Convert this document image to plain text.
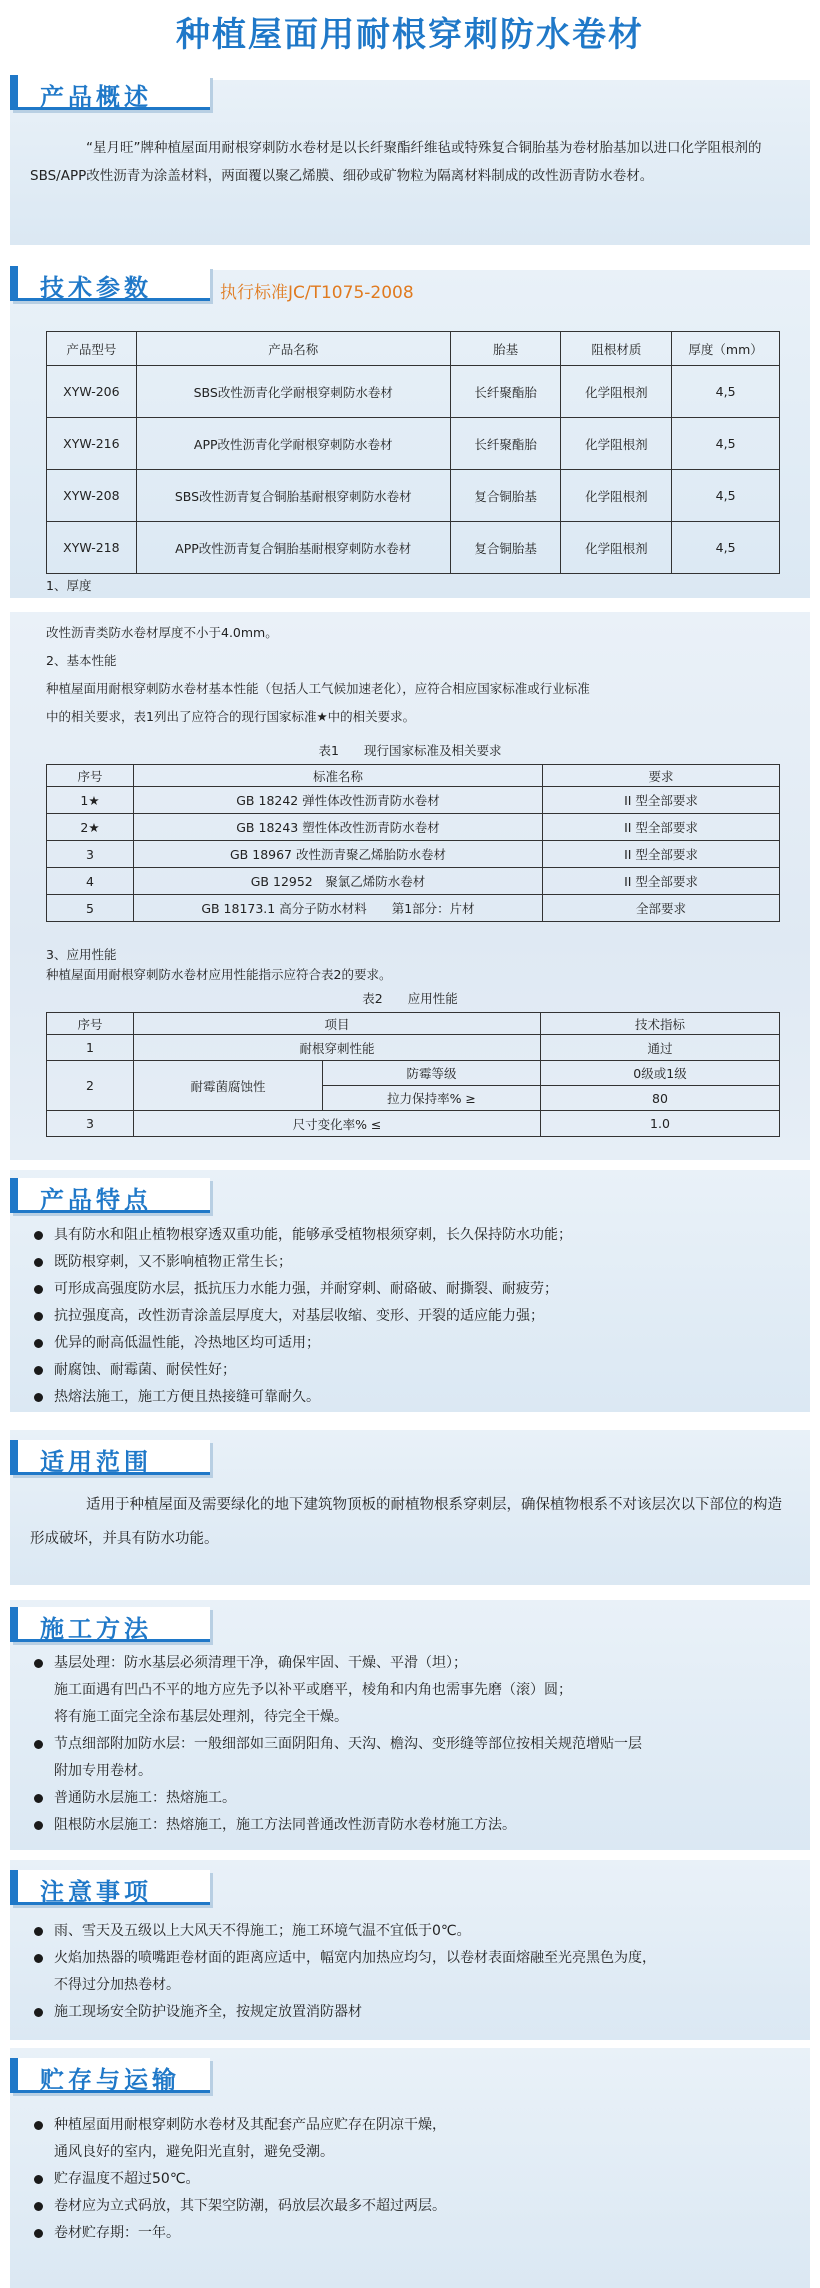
种植屋面用耐根穿刺防水卷材
产品概述
“星月旺”牌种植屋面用耐根穿刺防水卷材是以长纤聚酯纤维毡或特殊复合铜胎基为卷材胎基加以进口化学阻根剂的SBS/APP改性沥青为涂盖材料，两面覆以聚乙烯膜、细砂或矿物粒为隔离材料制成的改性沥青防水卷材。
技术参数	执行标准JC/T1075-2008
产品型号	产品名称	胎基	阻根材质	厚度（mm）
XYW-206	SBS改性沥青化学耐根穿刺防水卷材	长纤聚酯胎	化学阻根剂	4,5
XYW-216	APP改性沥青化学耐根穿刺防水卷材	长纤聚酯胎	化学阻根剂	4,5
XYW-208	SBS改性沥青复合铜胎基耐根穿刺防水卷材	复合铜胎基	化学阻根剂	4,5
XYW-218	APP改性沥青复合铜胎基耐根穿刺防水卷材	复合铜胎基	化学阻根剂	4,5
1、厚度
改性沥青类防水卷材厚度不小于4.0mm。
2、基本性能
种植屋面用耐根穿刺防水卷材基本性能（包括人工气候加速老化），应符合相应国家标准或行业标准
中的相关要求，表1列出了应符合的现行国家标准★中的相关要求。
表1　　现行国家标准及相关要求
序号	标准名称	要求
1★	GB 18242 弹性体改性沥青防水卷材	II 型全部要求
2★	GB 18243 塑性体改性沥青防水卷材	II 型全部要求
3	GB 18967 改性沥青聚乙烯胎防水卷材	II 型全部要求
4	GB 12952　聚氯乙烯防水卷材	II 型全部要求
5	GB 18173.1 高分子防水材料　　第1部分：片材	全部要求
3、应用性能
种植屋面用耐根穿刺防水卷材应用性能指示应符合表2的要求。
表2　　应用性能
序号	项目		技术指标
1	耐根穿刺性能		通过
2	耐霉菌腐蚀性	防霉等级	0级或1级
		拉力保持率% ≥	80
3	尺寸变化率% ≤		1.0
产品特点
具有防水和阻止植物根穿透双重功能，能够承受植物根须穿刺，长久保持防水功能；
既防根穿刺，又不影响植物正常生长；
可形成高强度防水层，抵抗压力水能力强，并耐穿刺、耐硌破、耐撕裂、耐疲劳；
抗拉强度高，改性沥青涂盖层厚度大，对基层收缩、变形、开裂的适应能力强；
优异的耐高低温性能，冷热地区均可适用；
耐腐蚀、耐霉菌、耐侯性好；
热熔法施工，施工方便且热接缝可靠耐久。
适用范围
适用于种植屋面及需要绿化的地下建筑物顶板的耐植物根系穿刺层，确保植物根系不对该层次以下部位的构造形成破坏，并具有防水功能。
施工方法
基层处理：防水基层必须清理干净，确保牢固、干燥、平滑（坦）；
施工面遇有凹凸不平的地方应先予以补平或磨平，棱角和内角也需事先磨（滚）圆；
将有施工面完全涂布基层处理剂，待完全干燥。
节点细部附加防水层：一般细部如三面阴阳角、天沟、檐沟、变形缝等部位按相关规范增贴一层
附加专用卷材。
普通防水层施工：热熔施工。
阻根防水层施工：热熔施工，施工方法同普通改性沥青防水卷材施工方法。
注意事项
雨、雪天及五级以上大风天不得施工；施工环境气温不宜低于0℃。
火焰加热器的喷嘴距卷材面的距离应适中，幅宽内加热应均匀，以卷材表面熔融至光亮黑色为度，
不得过分加热卷材。
施工现场安全防护设施齐全，按规定放置消防器材
贮存与运输
种植屋面用耐根穿刺防水卷材及其配套产品应贮存在阴凉干燥，
通风良好的室内，避免阳光直射，避免受潮。
贮存温度不超过50℃。
卷材应为立式码放，其下架空防潮，码放层次最多不超过两层。
卷材贮存期：一年。
